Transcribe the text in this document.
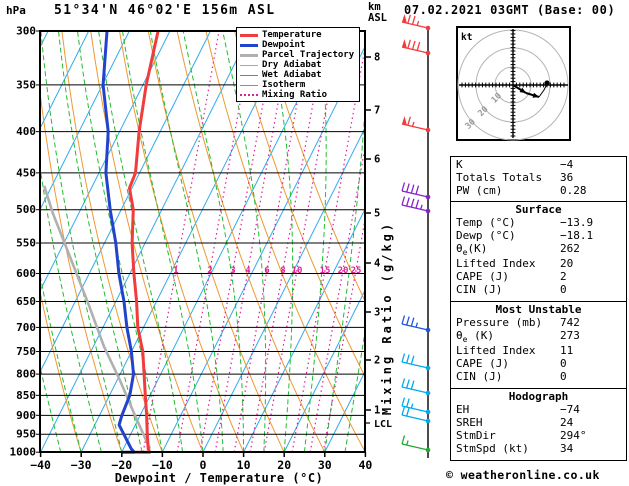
1	2 3 4 6 8 10 15 20 25
300
350
400
450
500
550
600
650
700
750
800
850
900
950
1000
−40 −30 −20 −10 0	10 20 30 40
Dewpoint / Temperature (°C)
8
7
6
5
4
3
2
1
LCL
Mixing Ratio (g/kg)
kt
10
20
30
hPa 51°34'N 46°02'E 156m ASL	km
ASL
07.02.2021 03GMT (Base: 00)
Temperature
Dewpoint
Parcel Trajectory
Dry Adiabat
Wet Adiabat
Isotherm
Mixing Ratio
K	−4
Totals Totals	36
PW (cm)	0.28
Surface
Temp (°C)	−13.9
Dewp (°C)	−18.1
$\theta_e(K)$	262
Lifted Index	20
CAPE (J)	2
CIN (J)	0
Most Unstable
Pressure (mb)	742
$\theta_e$ (K)	273
Lifted Index	11
CAPE (J)	0
CIN (J)	0
Hodograph
EH	−74
SREH	24
StmDir	294°
StmSpd (kt)	34
© weatheronline.co.uk
